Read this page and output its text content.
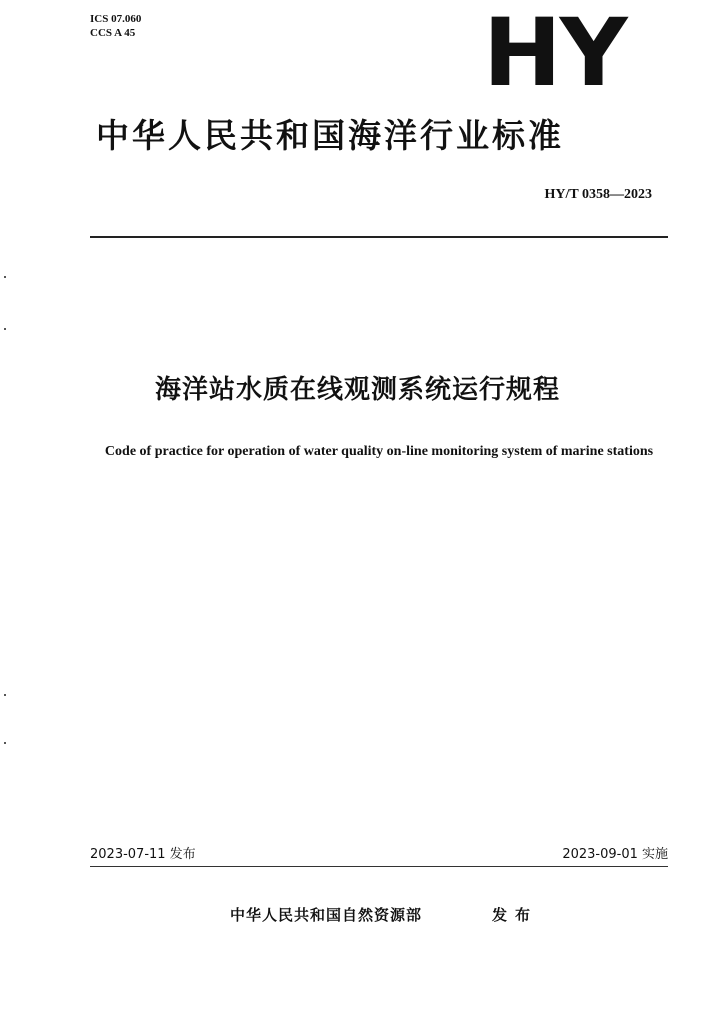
ICS 07.060
CCS A 45	HY
中华人民共和国海洋行业标准
HY/T 0358—2023
海洋站水质在线观测系统运行规程
Code of practice for operation of water quality on-line monitoring system of marine stations
2023-07-11 发布	2023-09-01 实施
中华人民共和国自然资源部	发布
